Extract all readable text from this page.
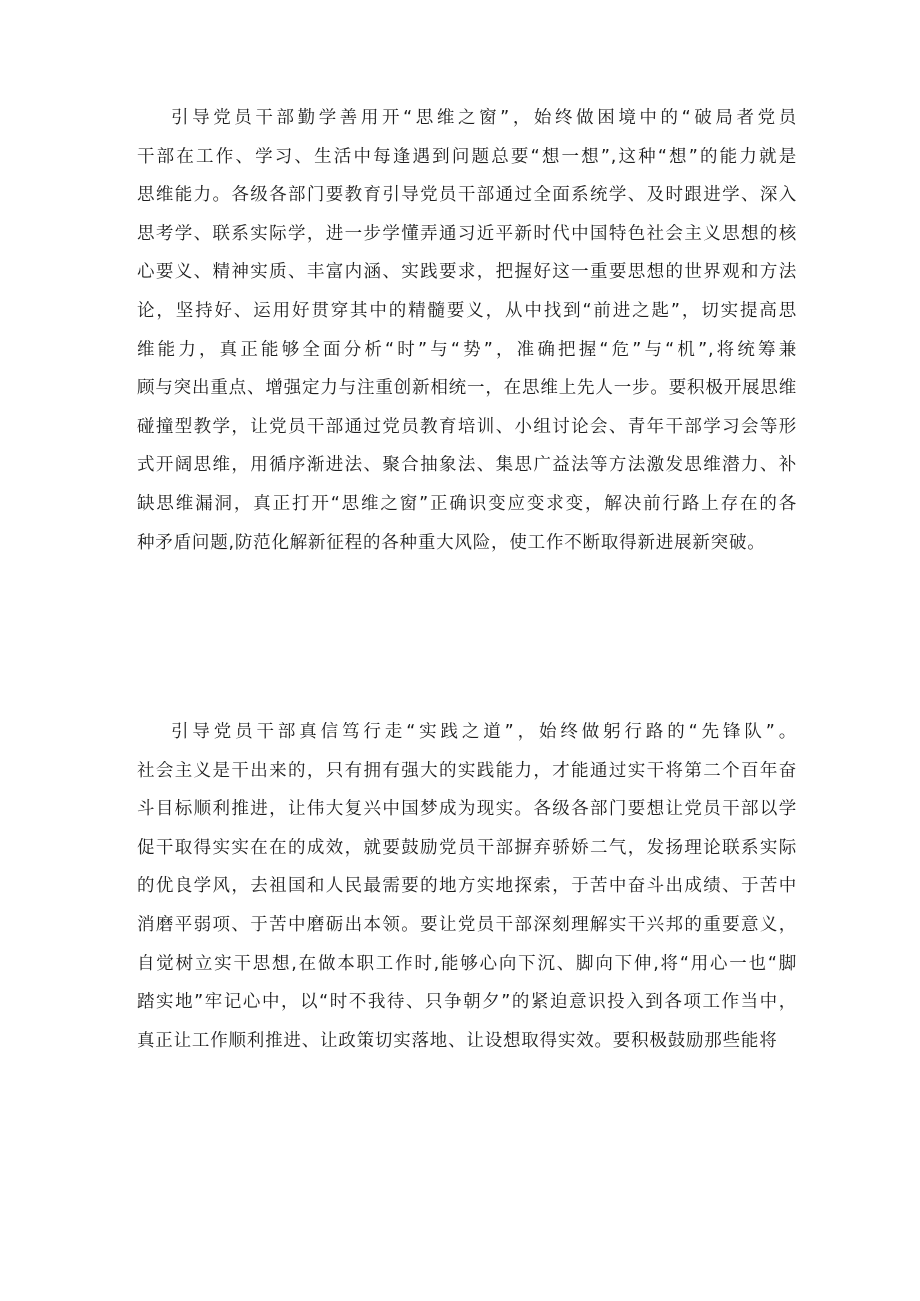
引导党员干部勤学善用开“思维之窗”，始终做困境中的“破局者党员
干部在工作、学习、生活中每逢遇到问题总要“想一想”,这种“想”的能力就是
思维能力。各级各部门要教育引导党员干部通过全面系统学、及时跟进学、深入
思考学、联系实际学，进一步学懂弄通习近平新时代中国特色社会主义思想的核
心要义、精神实质、丰富内涵、实践要求，把握好这一重要思想的世界观和方法
论，坚持好、运用好贯穿其中的精髓要义，从中找到“前进之匙”，切实提高思
维能力，真正能够全面分析“时”与“势”，准确把握“危”与“机”,将统筹兼
顾与突出重点、增强定力与注重创新相统一，在思维上先人一步。要积极开展思维
碰撞型教学，让党员干部通过党员教育培训、小组讨论会、青年干部学习会等形
式开阔思维，用循序渐进法、聚合抽象法、集思广益法等方法激发思维潜力、补
缺思维漏洞，真正打开“思维之窗”正确识变应变求变，解决前行路上存在的各
种矛盾问题,防范化解新征程的各种重大风险，使工作不断取得新进展新突破。
引导党员干部真信笃行走“实践之道”，始终做躬行路的“先锋队”。
社会主义是干出来的，只有拥有强大的实践能力，才能通过实干将第二个百年奋
斗目标顺利推进，让伟大复兴中国梦成为现实。各级各部门要想让党员干部以学
促干取得实实在在的成效，就要鼓励党员干部摒弃骄娇二气，发扬理论联系实际
的优良学风，去祖国和人民最需要的地方实地探索，于苦中奋斗出成绩、于苦中
消磨平弱项、于苦中磨砺出本领。要让党员干部深刻理解实干兴邦的重要意义，
自觉树立实干思想,在做本职工作时,能够心向下沉、脚向下伸,将“用心一也“脚
踏实地”牢记心中，以“时不我待、只争朝夕”的紧迫意识投入到各项工作当中，
真正让工作顺利推进、让政策切实落地、让设想取得实效。要积极鼓励那些能将
